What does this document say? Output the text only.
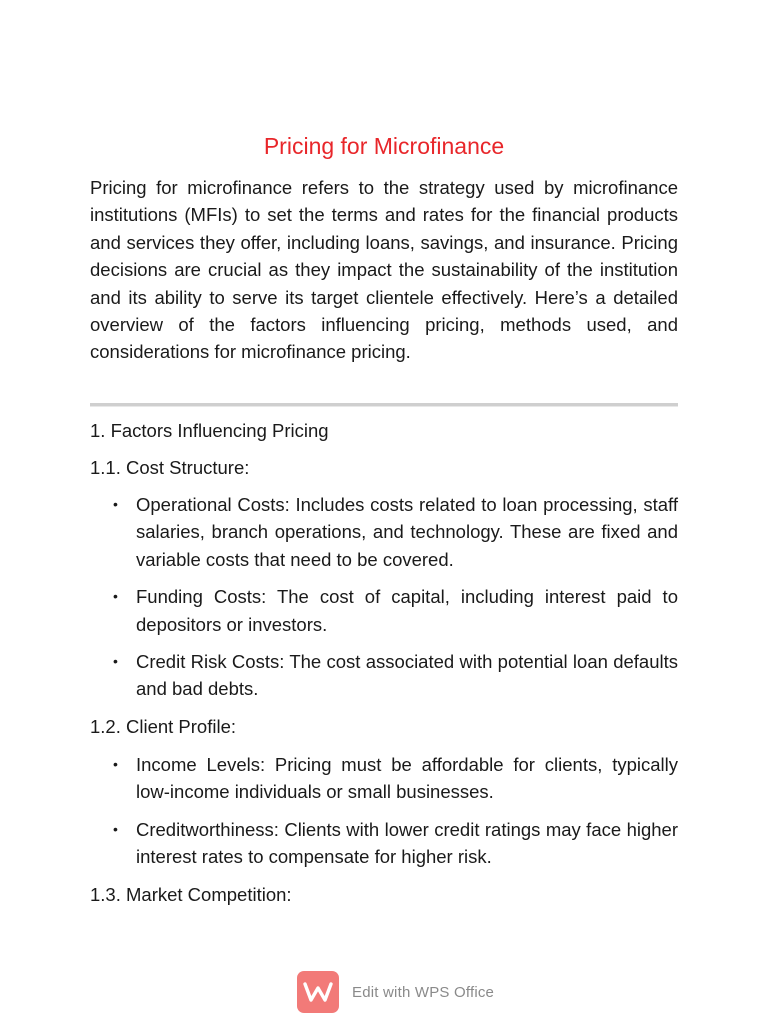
Pricing for Microfinance

Pricing for microfinance refers to the strategy used by microfinance institutions (MFIs) to set the terms and rates for the financial products and services they offer, including loans, savings, and insurance. Pricing decisions are crucial as they impact the sustainability of the institution and its ability to serve its target clientele effectively. Here’s a detailed overview of the factors influencing pricing, methods used, and considerations for microfinance pricing.

1. Factors Influencing Pricing
1.1. Cost Structure:
• Operational Costs: Includes costs related to loan processing, staff salaries, branch operations, and technology. These are fixed and variable costs that need to be covered.
• Funding Costs: The cost of capital, including interest paid to depositors or investors.
• Credit Risk Costs: The cost associated with potential loan defaults and bad debts.
1.2. Client Profile:
• Income Levels: Pricing must be affordable for clients, typically low-income individuals or small businesses.
• Creditworthiness: Clients with lower credit ratings may face higher interest rates to compensate for higher risk.
1.3. Market Competition:
Edit with WPS Office
